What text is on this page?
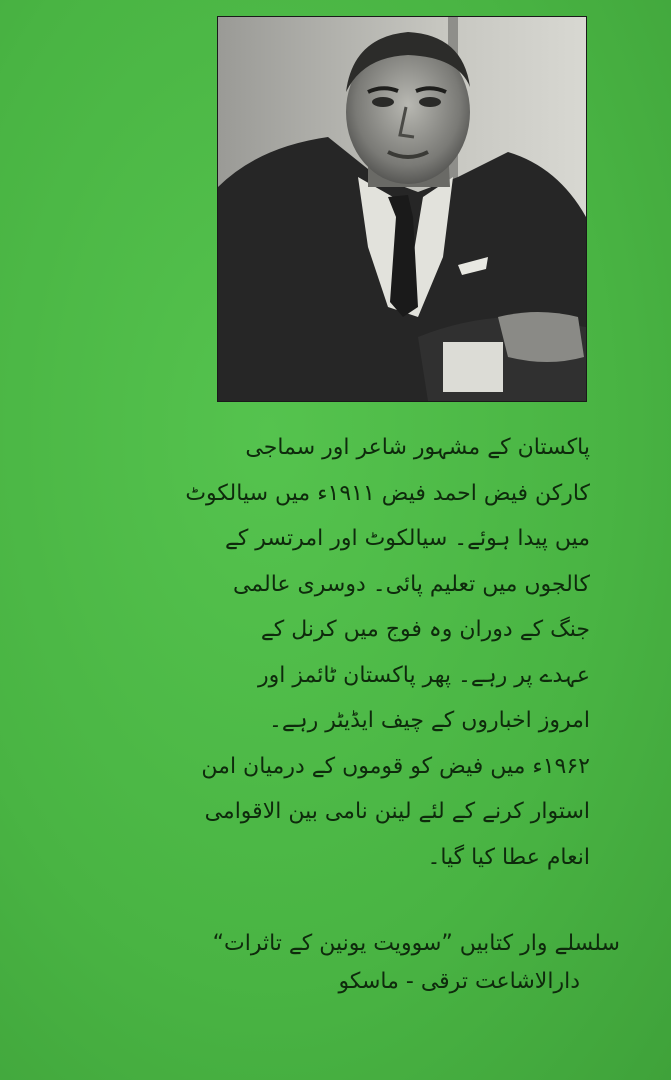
پاکستان کے مشہور شاعر اور سماجی
کارکن فیض احمد فیض ۱۹۱۱ء میں سیالکوٹ
میں پیدا ہوئے۔ سیالکوٹ اور امرتسر کے
کالجوں میں تعلیم پائی۔ دوسری عالمی
جنگ کے دوران وہ فوج میں کرنل کے
عہدے پر رہے۔ پھر پاکستان ٹائمز اور
امروز اخباروں کے چیف ایڈیٹر رہے۔
۱۹۶۲ء میں فیض کو قوموں کے درمیان امن
استوار کرنے کے لئے لینن نامی بین الاقوامی
انعام عطا کیا گیا۔
سلسلے وار کتابیں ”سوویت یونین کے تاثرات“
دارالاشاعت ترقی - ماسکو
